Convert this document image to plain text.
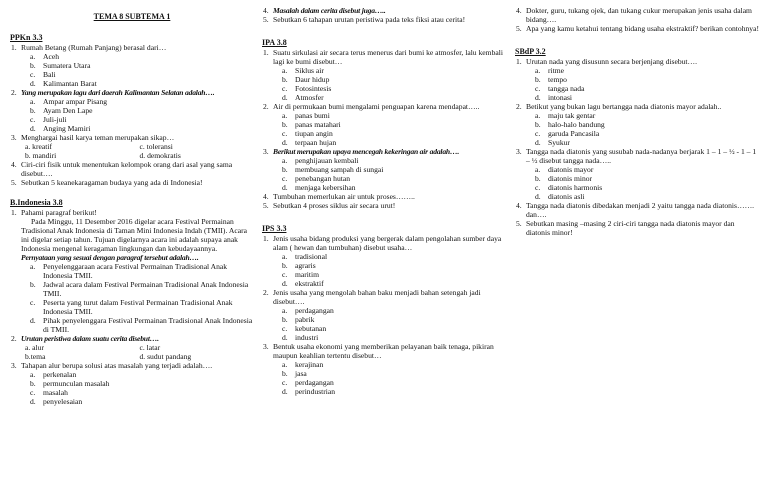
TEMA 8 SUBTEMA 1
PPKn 3.3
1. Rumah Betang (Rumah Panjang) berasal dari…
a. Aceh
b. Sumatera Utara
c. Bali
d. Kalimantan Barat
2. Yang merupakan lagu dari daerah Kalimantan Selatan adalah….
a. Ampar ampar Pisang
b. Ayam Den Lape
c. Juli-juli
d. Anging Mamiri
3. Menghargai hasil karya teman merupakan sikap…
a. kreatif	c. toleransi
b. mandiri	d. demokratis
4. Ciri-ciri fisik untuk menentukan kelompok orang dari asal yang sama disebut….
5. Sebutkan 5 keanekaragaman budaya yang ada di Indonesia!
B.Indonesia 3.8
1. Pahami paragraf berikut!
Pada Minggu, 11 Desember 2016 digelar acara Festival Permainan Tradisional Anak Indonesia di Taman Mini Indonesia Indah (TMII). Acara ini digelar setiap tahun. Tujuan digelarnya acara ini adalah supaya anak Indonesia mengenal keragaman lingkungan dan kebudayaannya.
Pernyataan yang sesuai dengan paragraf tersebut adalah….
a. Penyelenggaraan acara Festival Permainan Tradisional Anak Indonesia TMII.
b. Jadwal acara dalam Festival Permainan Tradisional Anak Indonesia TMII.
c. Peserta yang turut dalam Festival Permainan Tradisional Anak Indonesia TMII.
d. Pihak penyelenggara Festival Permainan Tradisional Anak Indonesia di TMII.
2. Urutan peristiwa dalam suatu cerita disebut….
a. alur	c. latar
b.tema	d. sudut pandang
3. Tahapan alur berupa solusi atas masalah yang terjadi adalah….
a. perkenalan
b. permunculan masalah
c. masalah
d. penyelesaian
4. Masalah dalam cerita disebut juga…..
5. Sebutkan 6 tahapan urutan peristiwa pada teks fiksi atau cerita!
IPA 3.8
1. Suatu sirkulasi air secara terus menerus dari bumi ke atmosfer, lalu kembali lagi ke bumi disebut…
a. Siklus air
b. Daur hidup
c. Fotosintesis
d. Atmosfer
2. Air di permukaan bumi mengalami penguapan karena mendapat…..
a. panas bumi
b. panas matahari
c. tiupan angin
d. terpaan hujan
3. Berikut merupakan upaya mencegah kekeringan air adalah….
a. penghijauan kembali
b. membuang sampah di sungai
c. penebangan hutan
d. menjaga kebersihan
4. Tumbuhan memerlukan air untuk proses……..
5. Sebutkan 4 proses siklus air secara urut!
IPS 3.3
1. Jenis usaha bidang produksi yang bergerak dalam pengolahan sumber daya alam ( hewan dan tumbuhan) disebut usaha…
a. tradisional
b. agraris
c. maritim
d. ekstraktif
2. Jenis usaha yang mengolah bahan baku menjadi bahan setengah jadi disebut….
a. perdagangan
b. pabrik
c. kebutanan
d. industri
3. Bentuk usaha ekonomi yang memberikan pelayanan baik tenaga, pikiran maupun keahlian tertentu disebut…
a. kerajinan
b. jasa
c. perdagangan
d. perindustrian
4. Dokter, guru, tukang ojek, dan tukang cukur merupakan jenis usaha dalam bidang….
5. Apa yang kamu ketahui tentang bidang usaha ekstraktif? berikan contohnya!
SBdP 3.2
1. Urutan nada yang disusunn secara berjenjang disebut….
a. ritme
b. tempo
c. tangga nada
d. intonasi
2. Betikut yang bukan lagu bertangga nada diatonis mayor adalah..
a. maju tak gentar
b. halo-halo bandung
c. garuda Pancasila
d. Syukur
3. Tangga nada diatonis yang susubab nada-nadanya berjarak 1 – 1 – ½ - 1 – 1 – ½ disebut tangga nada…..
a. diatonis mayor
b. diatonis minor
c. diatonis harmonis
d. diatonis asli
4. Tangga nada diatonis dibedakan menjadi 2 yaitu tangga nada diatonis……. dan….
5. Sebutkan masing –masing 2 ciri-ciri tangga nada diatonis mayor dan diatonis minor!
